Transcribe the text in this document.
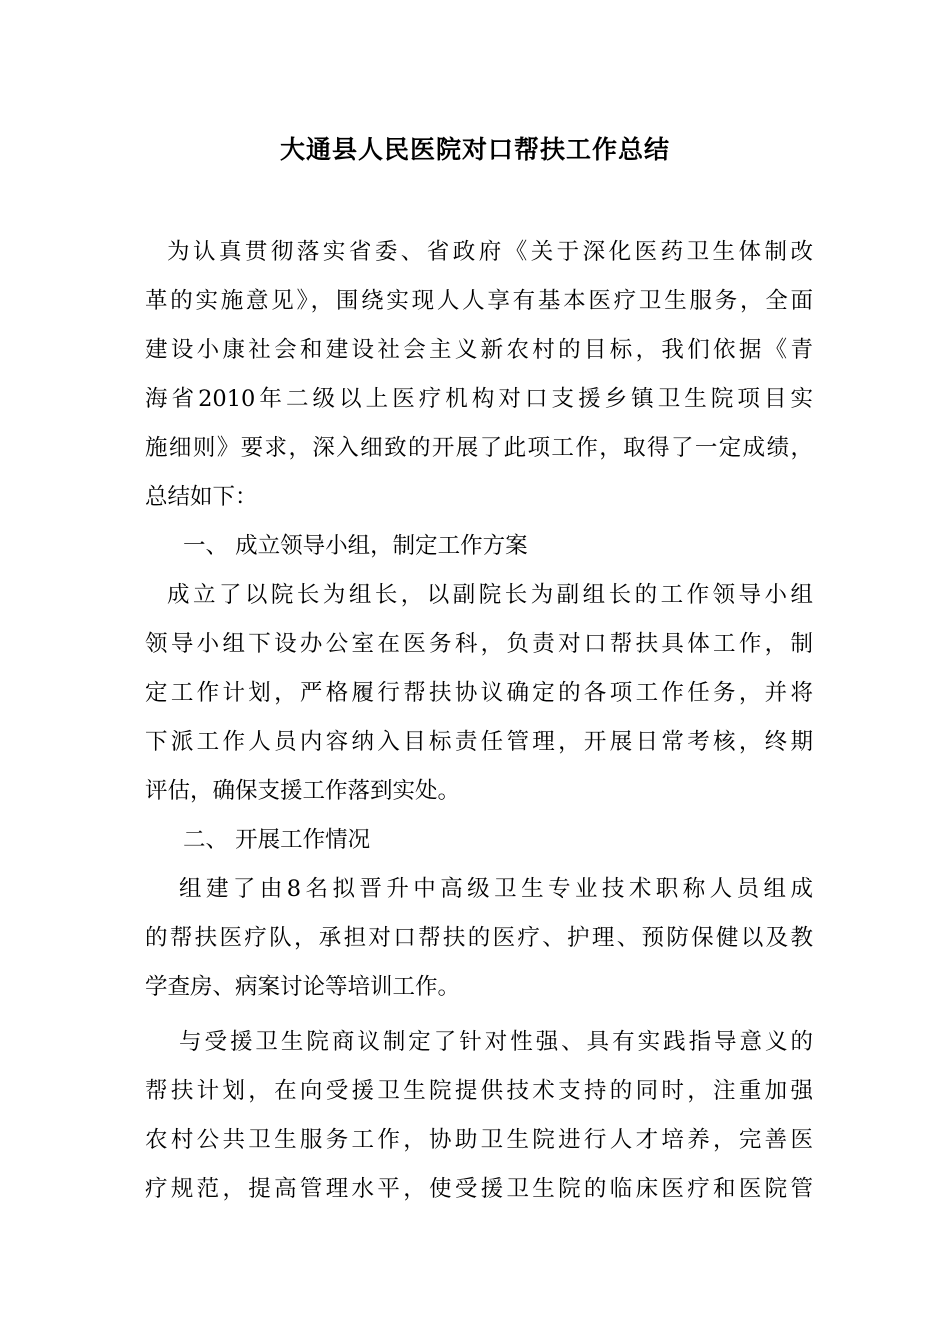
大通县人民医院对口帮扶工作总结
为认真贯彻落实省委、省政府《关于深化医药卫生体制改
革的实施意见》，围绕实现人人享有基本医疗卫生服务，全面
建设小康社会和建设社会主义新农村的目标，我们依据《青
海省2010年二级以上医疗机构对口支援乡镇卫生院项目实
施细则》要求，深入细致的开展了此项工作，取得了一定成绩，
总结如下：
一、 成立领导小组，制定工作方案
成立了以院长为组长，以副院长为副组长的工作领导小组
领导小组下设办公室在医务科，负责对口帮扶具体工作，制
定工作计划，严格履行帮扶协议确定的各项工作任务，并将
下派工作人员内容纳入目标责任管理，开展日常考核，终期
评估，确保支援工作落到实处。
二、 开展工作情况
组建了由8名拟晋升中高级卫生专业技术职称人员组成
的帮扶医疗队，承担对口帮扶的医疗、护理、预防保健以及教
学查房、病案讨论等培训工作。
与受援卫生院商议制定了针对性强、具有实践指导意义的
帮扶计划，在向受援卫生院提供技术支持的同时，注重加强
农村公共卫生服务工作，协助卫生院进行人才培养，完善医
疗规范，提高管理水平，使受援卫生院的临床医疗和医院管
